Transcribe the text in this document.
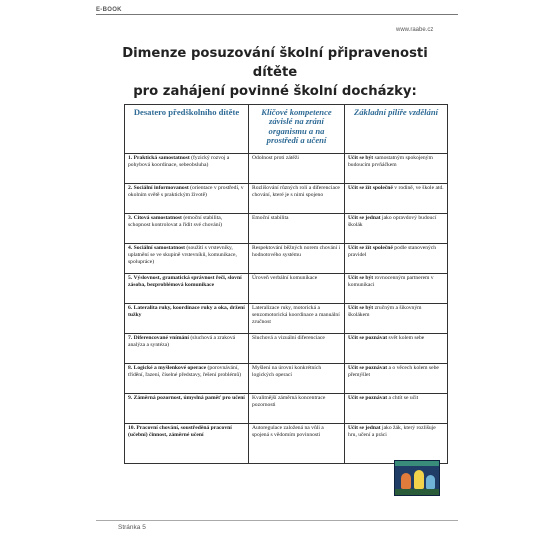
E-BOOK
www.raabe.cz
Dimenze posuzování školní připravenosti dítěte
pro zahájení povinné školní docházky:
Desatero předškolního dítěte	Klíčové kompetence závislé na zrání organismu a na prostředí a učení	Základní pilíře vzdělání
1. Praktická samostatnost (fyzický rozvoj a pohybová koordinace, sebeobsluha)	Odolnost proti zátěži	Učit se být samostatným spokojeným budoucím prvňáčkem
2. Sociální informovanost (orientace v prostředí, v okolním světě s praktickým životě)	Rozlišování různých rolí a diferenciace chování, které je s nimi spojeno	Učit se žít společně v rodině, ve škole atd.
3. Citová samostatnost (emoční stabilita, schopnost kontrolovat a řídit své chování)	Emoční stabilita	Učit se jednat jako opravdový budoucí školák
4. Sociální samostatnost (soužití s vrstevníky, uplatnění se ve skupině vrstevníků, komunikace, spolupráce)	Respektování běžných norem chování i hodnotového systému	Učit se žít společně podle stanovených pravidel
5. Výslovnost, gramatická správnost řeči, slovní zásoba, bezproblémová komunikace	Úroveň verbální komunikace	Učit se být rovnocenným partnerem v komunikaci
6. Lateralita ruky, koordinace ruky a oka, držení tužky	Lateralizace ruky, motorická a senzomotorická koordinace a manuální zručnost	Učit se být zručným a šikovným školákem
7. Diferencované vnímání (sluchová a zraková analýza a syntéza)	Sluchová a vizuální diferenciace	Učit se poznávat svět kolem sebe
8. Logické a myšlenkové operace (porovnávání, třídění, řazení, číselné představy, řešení problémů)	Myšlení na úrovni konkrétních logických operací	Učit se poznávat a o věcech kolem sebe přemýšlet
9. Záměrná pozornost, úmyslná paměť pro učení	Kvalitnější záměrná koncentrace pozornosti	Učit se poznávat a chtít se učit
10. Pracovní chování, soustředěná pracovní (učební) činnost, záměrné učení	Autoregulace založená na vůli a spojená s vědomím povinnosti	Učit se jednat jako žák, který rozlišuje hru, učení a práci
Stránka 5
